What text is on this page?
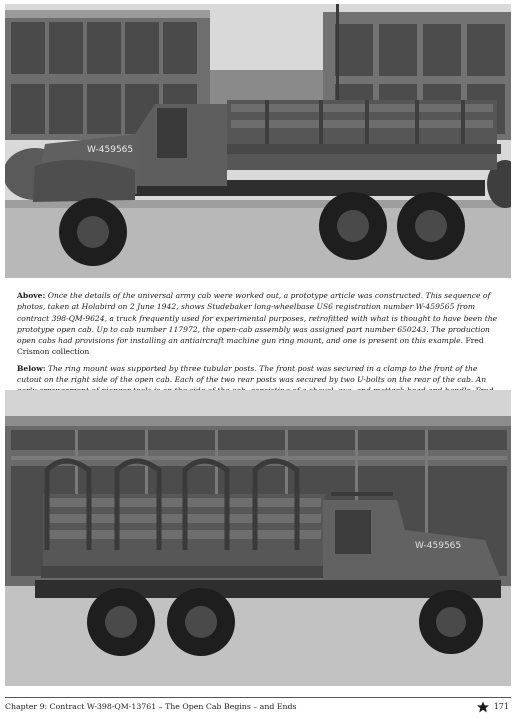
W-459565

Above: Once the details of the universal army cab were worked out, a prototype article was constructed. This sequence of photos, taken at Holabird on 2 June 1942, shows Studebaker long-wheelbase US6 registration number W-459565 from contract 398-QM-9624, a truck frequently used for experimental purposes, retrofitted with what is thought to have been the prototype open cab. Up to cab number 117972, the open-cab assembly was assigned part number 650243. The production open cabs had provisions for installing an antiaircraft machine gun ring mount, and one is present on this example. Fred Crismon collection

Below: The ring mount was supported by three tubular posts. The front post was secured in a clamp to the front of the cutout on the right side of the open cab. Each of the two rear posts was secured by two U-bolts on the rear of the cab. An

W-459565
Chapter 9: Contract W-398-QM-13761 – The Open Cab Begins – and Ends	171
